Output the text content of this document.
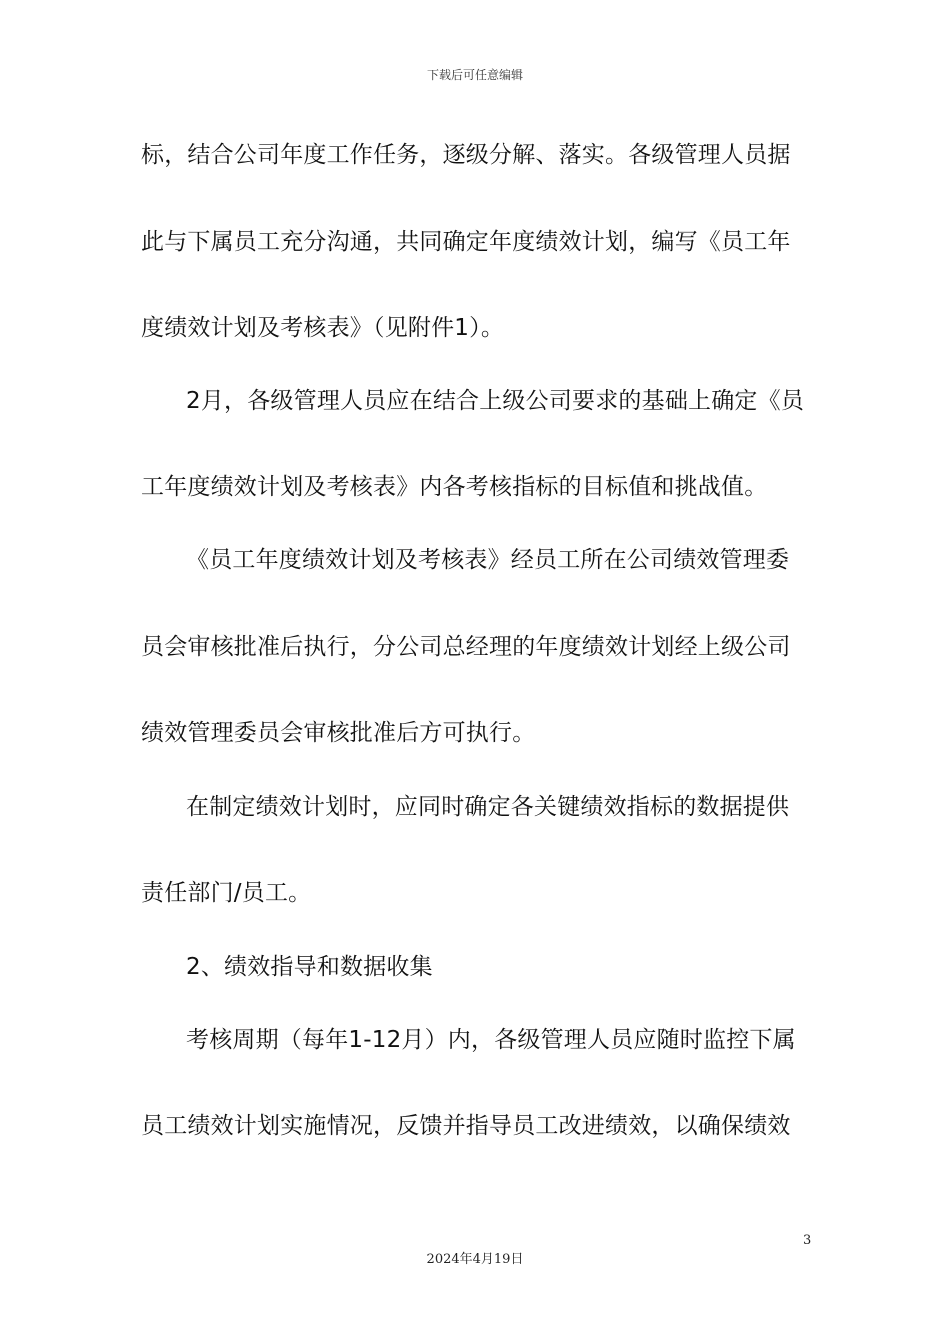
下载后可任意编辑
标，结合公司年度工作任务，逐级分解、落实。各级管理人员据
此与下属员工充分沟通，共同确定年度绩效计划，编写《员工年
度绩效计划及考核表》（见附件1）。
2月，各级管理人员应在结合上级公司要求的基础上确定《员
工年度绩效计划及考核表》内各考核指标的目标值和挑战值。
《员工年度绩效计划及考核表》经员工所在公司绩效管理委
员会审核批准后执行，分公司总经理的年度绩效计划经上级公司
绩效管理委员会审核批准后方可执行。
在制定绩效计划时，应同时确定各关键绩效指标的数据提供
责任部门/员工。
2、绩效指导和数据收集
考核周期（每年1-12月）内，各级管理人员应随时监控下属
员工绩效计划实施情况，反馈并指导员工改进绩效，以确保绩效
3
2024年4月19日
